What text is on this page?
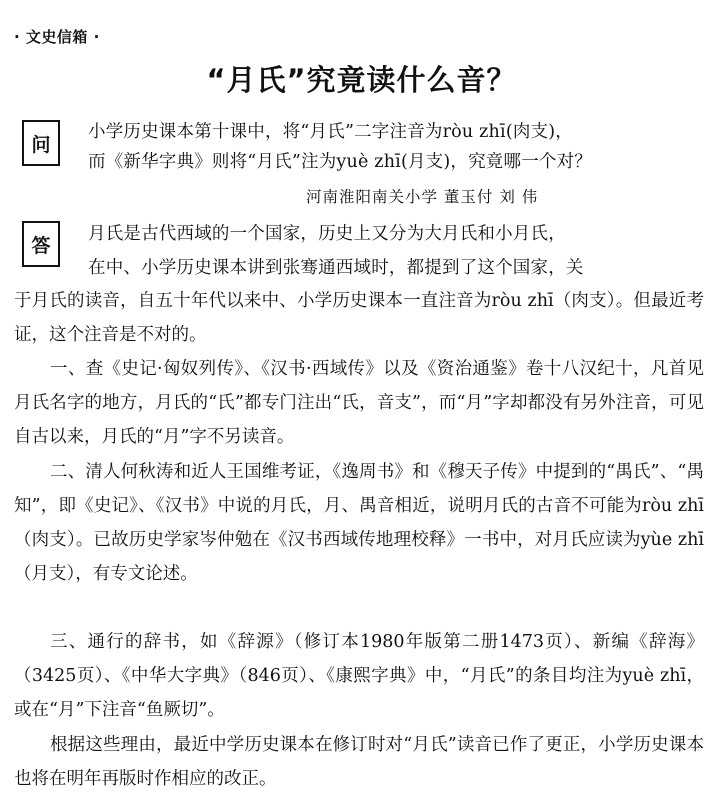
· 文史信箱 ·
“月氏”究竟读什么音？
问
小学历史课本第十课中，将“月氏”二字注音为ròu zhī(肉支)，
而《新华字典》则将“月氏”注为yuè zhī(月支)，究竟哪一个对？
河南淮阳南关小学 董玉付 刘 伟
答
月氏是古代西域的一个国家，历史上又分为大月氏和小月氏，
在中、小学历史课本讲到张骞通西域时，都提到了这个国家，关
于月氏的读音，自五十年代以来中、小学历史课本一直注音为ròu zhī（肉支）。但最近考证，这个注音是不对的。
一、查《史记·匈奴列传》、《汉书·西域传》以及《资治通鉴》卷十八汉纪十，凡首见月氏名字的地方，月氏的“氏”都专门注出“氏，音支”，而“月”字却都没有另外注音，可见自古以来，月氏的“月”字不另读音。
二、清人何秋涛和近人王国维考证，《逸周书》和《穆天子传》中提到的“禺氏”、“禺知”，即《史记》、《汉书》中说的月氏，月、禺音相近，说明月氏的古音不可能为ròu zhī（肉支）。已故历史学家岑仲勉在《汉书西域传地理校释》一书中，对月氏应读为yùe zhī（月支），有专文论述。
三、通行的辞书，如《辞源》（修订本1980年版第二册1473页）、新编《辞海》（3425页）、《中华大字典》（846页）、《康熙字典》中，“月氏”的条目均注为yuè zhī，或在“月”下注音“鱼厥切”。
根据这些理由，最近中学历史课本在修订时对“月氏”读音已作了更正，小学历史课本也将在明年再版时作相应的改正。
